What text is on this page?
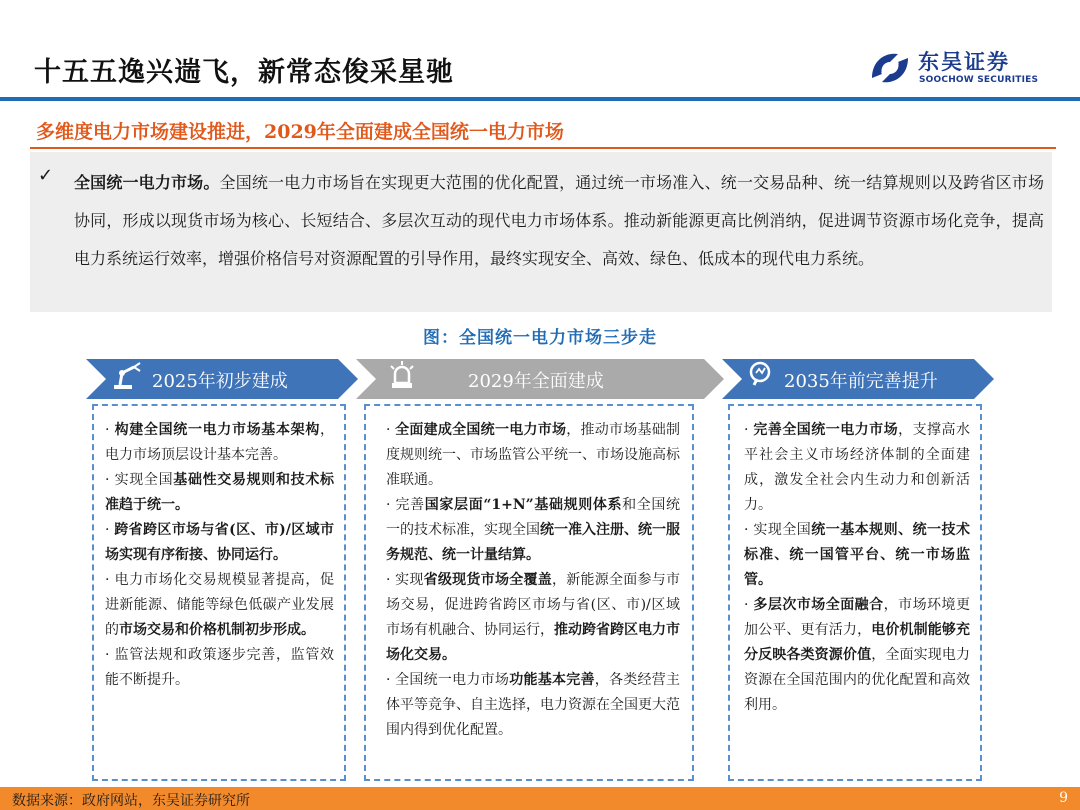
十五五逸兴遄飞，新常态俊采星驰	东吴证券
SOOCHOW SECURITIES
多维度电力市场建设推进，2029年全面建成全国统一电力市场
✓ 全国统一电力市场。全国统一电力市场旨在实现更大范围的优化配置，通过统一市场准入、统一交易品种、统一结算规则以及跨省区市场协同，形成以现货市场为核心、长短结合、多层次互动的现代电力市场体系。推动新能源更高比例消纳，促进调节资源市场化竞争，提高电力系统运行效率，增强价格信号对资源配置的引导作用，最终实现安全、高效、绿色、低成本的现代电力系统。
图：全国统一电力市场三步走
2025年初步建成	2029年全面建成	2035年前完善提升
· 构建全国统一电力市场基本架构，电力市场顶层设计基本完善。
· 实现全国基础性交易规则和技术标准趋于统一。
· 跨省跨区市场与省(区、市)/区域市场实现有序衔接、协同运行。
· 电力市场化交易规模显著提高，促进新能源、储能等绿色低碳产业发展的市场交易和价格机制初步形成。
· 监管法规和政策逐步完善，监管效能不断提升。
· 全面建成全国统一电力市场，推动市场基础制度规则统一、市场监管公平统一、市场设施高标准联通。
· 完善国家层面“1+N”基础规则体系和全国统一的技术标准，实现全国统一准入注册、统一服务规范、统一计量结算。
· 实现省级现货市场全覆盖，新能源全面参与市场交易，促进跨省跨区市场与省(区、市)/区域市场有机融合、协同运行，推动跨省跨区电力市场化交易。
· 全国统一电力市场功能基本完善，各类经营主体平等竞争、自主选择，电力资源在全国更大范围内得到优化配置。
· 完善全国统一电力市场，支撑高水平社会主义市场经济体制的全面建成，激发全社会内生动力和创新活力。
· 实现全国统一基本规则、统一技术标准、统一国管平台、统一市场监管。
· 多层次市场全面融合，市场环境更加公平、更有活力，电价机制能够充分反映各类资源价值，全面实现电力资源在全国范围内的优化配置和高效利用。
数据来源：政府网站，东吴证券研究所	9
